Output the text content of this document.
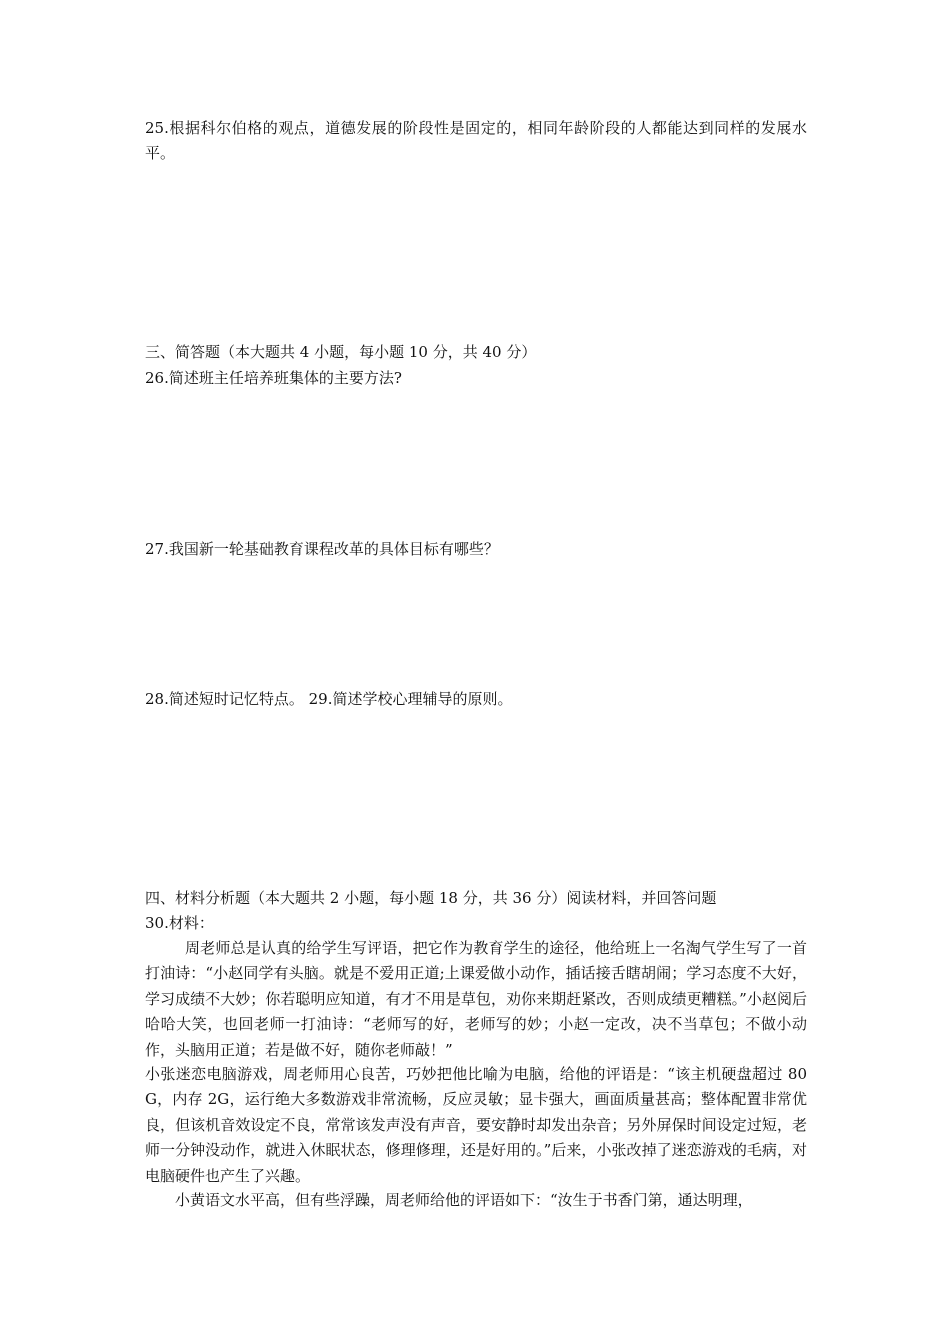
25.根据科尔伯格的观点，道德发展的阶段性是固定的，相同年龄阶段的人都能达到同样的发展水平。

三、简答题（本大题共 4 小题，每小题 10 分，共 40 分）
26.简述班主任培养班集体的主要方法?
27.我国新一轮基础教育课程改革的具体目标有哪些？
28.简述短时记忆特点。 29.简述学校心理辅导的原则。
四、材料分析题（本大题共 2 小题，每小题 18 分，共 36 分）阅读材料，并回答问题
30.材料：

周老师总是认真的给学生写评语，把它作为教育学生的途径，他给班上一名淘气学生写了一首打油诗：“小赵同学有头脑。就是不爱用正道;上课爱做小动作，插话接舌瞎胡闹；学习态度不大好，学习成绩不大妙；你若聪明应知道，有才不用是草包，劝你来期赶紧改，否则成绩更糟糕。”小赵阅后哈哈大笑，也回老师一打油诗：“老师写的好，老师写的妙；小赵一定改，决不当草包；不做小动作，头脑用正道；若是做不好，随你老师敲！”

小张迷恋电脑游戏，周老师用心良苦，巧妙把他比喻为电脑，给他的评语是：“该主机硬盘超过 80G，内存 2G，运行绝大多数游戏非常流畅，反应灵敏；显卡强大，画面质量甚高；整体配置非常优良，但该机音效设定不良，常常该发声没有声音，要安静时却发出杂音；另外屏保时间设定过短，老师一分钟没动作，就进入休眠状态，修理修理，还是好用的。”后来，小张改掉了迷恋游戏的毛病，对电脑硬件也产生了兴趣。

小黄语文水平高，但有些浮躁，周老师给他的评语如下：“汝生于书香门第，通达明理，
